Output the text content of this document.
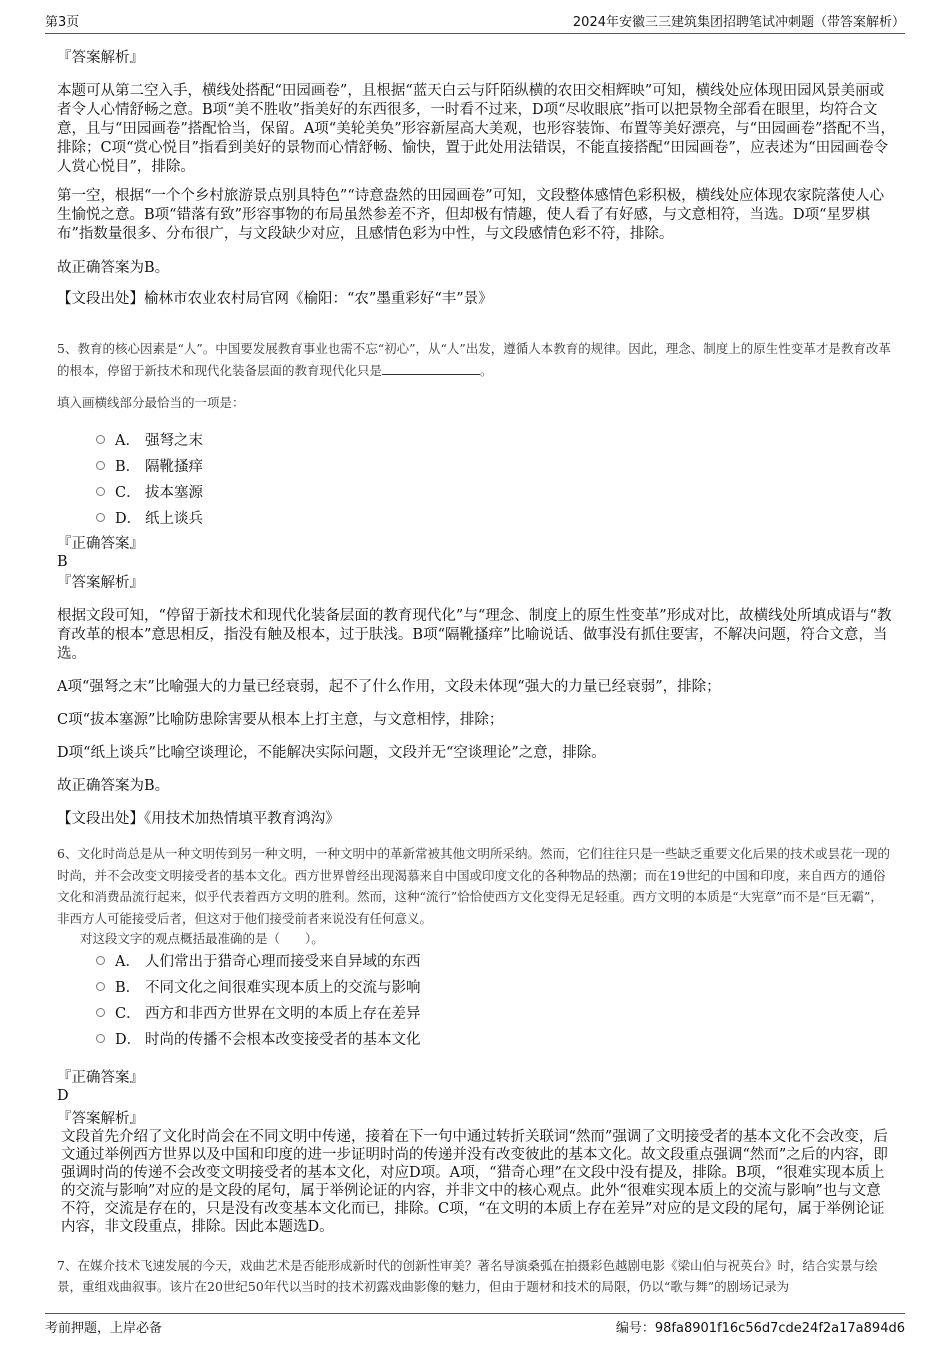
第3页	2024年安徽三三建筑集团招聘笔试冲刺题（带答案解析）

『答案解析』

本题可从第二空入手，横线处搭配“田园画卷”，且根据“蓝天白云与阡陌纵横的农田交相辉映”可知，横线处应体现田园风景美丽或者令人心情舒畅之意。B项“美不胜收”指美好的东西很多，一时看不过来，D项“尽收眼底”指可以把景物全部看在眼里，均符合文意，且与“田园画卷”搭配恰当，保留。A项“美轮美奂”形容新屋高大美观，也形容装饰、布置等美好漂亮，与“田园画卷”搭配不当，排除；C项“赏心悦目”指看到美好的景物而心情舒畅、愉快，置于此处用法错误，不能直接搭配“田园画卷”，应表述为“田园画卷令人赏心悦目”，排除。

第一空，根据“一个个乡村旅游景点别具特色”“诗意盎然的田园画卷”可知，文段整体感情色彩积极，横线处应体现农家院落使人心生愉悦之意。B项“错落有致”形容事物的布局虽然参差不齐，但却极有情趣，使人看了有好感，与文意相符，当选。D项“星罗棋布”指数量很多、分布很广，与文段缺少对应，且感情色彩为中性，与文段感情色彩不符，排除。

故正确答案为B。

【文段出处】榆林市农业农村局官网《榆阳：“农”墨重彩好“丰”景》

5、教育的核心因素是“人”。中国要发展教育事业也需不忘“初心”，从“人”出发，遵循人本教育的规律。因此，理念、制度上的原生性变革才是教育改革的根本，停留于新技术和现代化装备层面的教育现代化只是	。

填入画横线部分最恰当的一项是：

A． 强弩之末
B． 隔靴搔痒
C． 拔本塞源
D． 纸上谈兵

『正确答案』

B

『答案解析』

根据文段可知，“停留于新技术和现代化装备层面的教育现代化”与“理念、制度上的原生性变革”形成对比，故横线处所填成语与“教育改革的根本”意思相反，指没有触及根本，过于肤浅。B项“隔靴搔痒”比喻说话、做事没有抓住要害，不解决问题，符合文意，当选。

A项“强弩之末”比喻强大的力量已经衰弱，起不了什么作用，文段未体现“强大的力量已经衰弱”，排除；

C项“拔本塞源”比喻防患除害要从根本上打主意，与文意相悖，排除；

D项“纸上谈兵”比喻空谈理论，不能解决实际问题，文段并无“空谈理论”之意，排除。

故正确答案为B。

【文段出处】《用技术加热情填平教育鸿沟》

6、文化时尚总是从一种文明传到另一种文明，一种文明中的革新常被其他文明所采纳。然而，它们往往只是一些缺乏重要文化后果的技术或昙花一现的时尚，并不会改变文明接受者的基本文化。西方世界曾经出现渴慕来自中国或印度文化的各种物品的热潮；而在19世纪的中国和印度，来自西方的通俗文化和消费品流行起来，似乎代表着西方文明的胜利。然而，这种“流行”恰恰使西方文化变得无足轻重。西方文明的本质是“大宪章”而不是“巨无霸”，非西方人可能接受后者，但这对于他们接受前者来说没有任何意义。

对这段文字的观点概括最准确的是（　　）。

A． 人们常出于猎奇心理而接受来自异域的东西
B． 不同文化之间很难实现本质上的交流与影响
C． 西方和非西方世界在文明的本质上存在差异
D． 时尚的传播不会根本改变接受者的基本文化

『正确答案』

D

『答案解析』

文段首先介绍了文化时尚会在不同文明中传递，接着在下一句中通过转折关联词“然而”强调了文明接受者的基本文化不会改变，后文通过举例西方世界以及中国和印度的进一步证明时尚的传递并没有改变彼此的基本文化。故文段重点强调“然而”之后的内容，即强调时尚的传递不会改变文明接受者的基本文化，对应D项。A项，“猎奇心理”在文段中没有提及，排除。B项，“很难实现本质上的交流与影响”对应的是文段的尾句，属于举例论证的内容，并非文中的核心观点。此外“很难实现本质上的交流与影响”也与文意不符，交流是存在的，只是没有改变基本文化而已，排除。C项，“在文明的本质上存在差异”对应的是文段的尾句，属于举例论证内容，非文段重点，排除。因此本题选D。

7、在媒介技术飞速发展的今天，戏曲艺术是否能形成新时代的创新性审美？著名导演桑弧在拍摄彩色越剧电影《梁山伯与祝英台》时，结合实景与绘景，重组戏曲叙事。该片在20世纪50年代以当时的技术初露戏曲影像的魅力，但由于题材和技术的局限，仍以“歌与舞”的剧场记录为

考前押题，上岸必备	编号：98fa8901f16c56d7cde24f2a17a894d6
